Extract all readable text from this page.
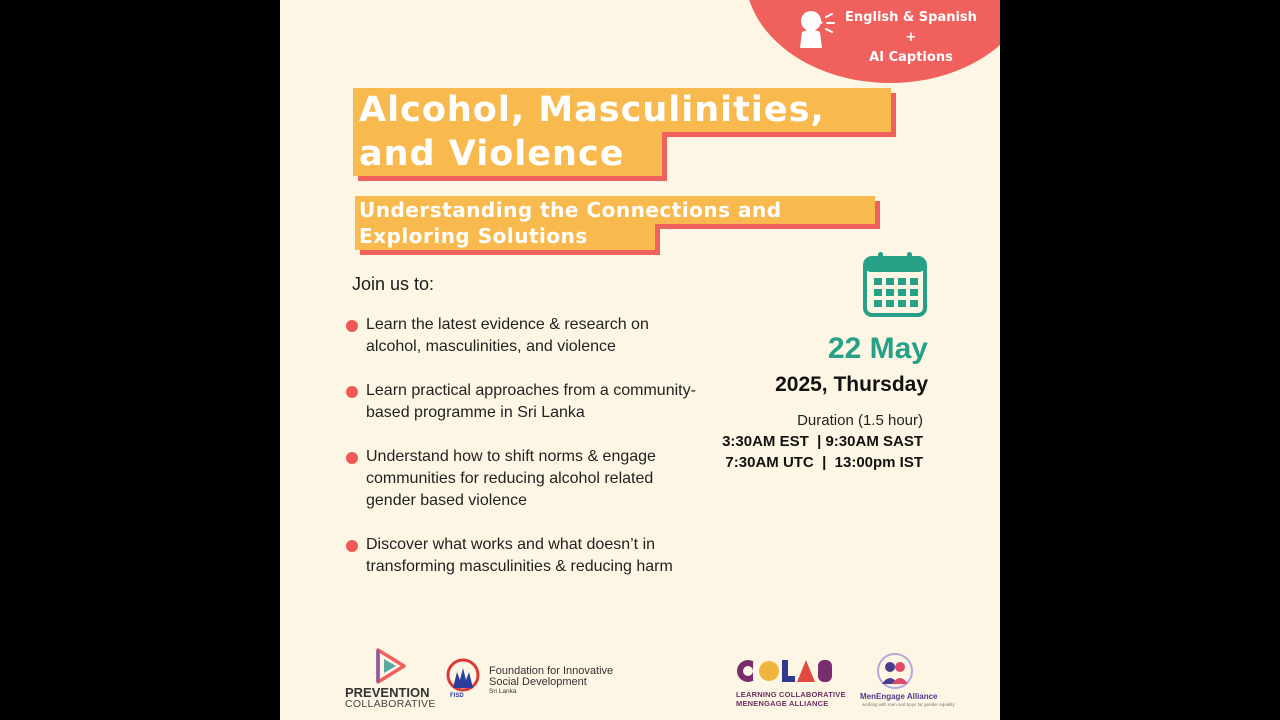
English & Spanish
+
AI Captions
Alcohol, Masculinities,
and Violence
Understanding the Connections and
Exploring Solutions
Join us to:
Learn the latest evidence & research on
alcohol, masculinities, and violence
Learn practical approaches from a community-
based programme in Sri Lanka
Understand how to shift norms & engage
communities for reducing alcohol related
gender based violence
Discover what works and what doesn’t in
transforming masculinities & reducing harm
22 May
2025, Thursday
Duration (1.5 hour)
3:30AM EST  | 9:30AM SAST
7:30AM UTC  |  13:00pm IST
PREVENTION
COLLABORATIVE
FISD
Foundation for Innovative
Social Development
Sri Lanka	LEARNING COLLABORATIVE
MENENGAGE ALLIANCE
MenEngage Alliance
working with men and boys for gender equality
